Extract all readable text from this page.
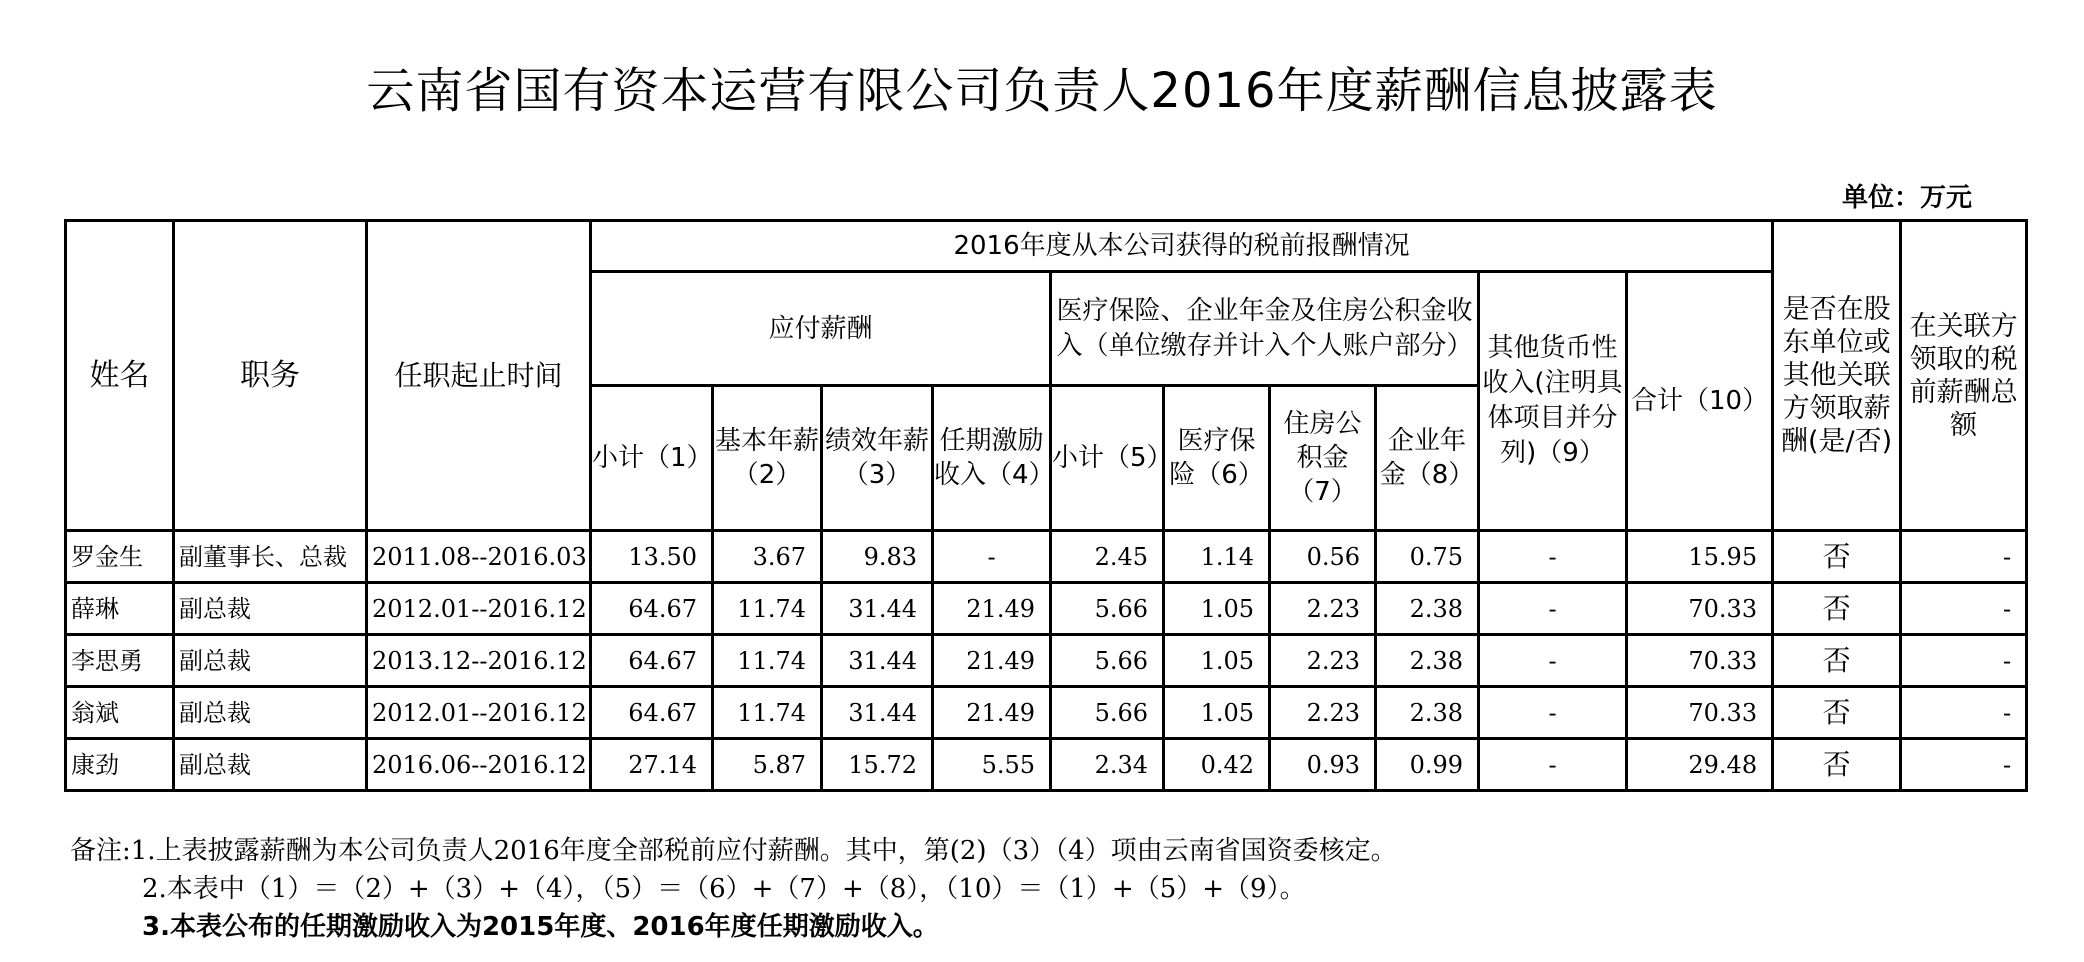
云南省国有资本运营有限公司负责人2016年度薪酬信息披露表
单位：万元
姓名	职务	任职起止时间	2016年度从本公司获得的税前报酬情况										是否在股东单位或其他关联方领取薪酬(是/否)	在关联方领取的税前薪酬总额
			应付薪酬				医疗保险、企业年金及住房公积金收入（单位缴存并计入个人账户部分）				其他货币性收入(注明具体项目并分列)（9）	合计（10）		
			小计（1）	基本年薪（2）	绩效年薪（3）	任期激励收入（4）	小计（5）	医疗保险（6）	住房公积金（7）	企业年金（8）				
罗金生	副董事长、总裁	2011.08--2016.03	13.50	3.67	9.83	-	2.45	1.14	0.56	0.75	-	15.95	否	-
薛琳	副总裁	2012.01--2016.12	64.67	11.74	31.44	21.49	5.66	1.05	2.23	2.38	-	70.33	否	-
李思勇	副总裁	2013.12--2016.12	64.67	11.74	31.44	21.49	5.66	1.05	2.23	2.38	-	70.33	否	-
翁斌	副总裁	2012.01--2016.12	64.67	11.74	31.44	21.49	5.66	1.05	2.23	2.38	-	70.33	否	-
康劲	副总裁	2016.06--2016.12	27.14	5.87	15.72	5.55	2.34	0.42	0.93	0.99	-	29.48	否	-
备注:1.上表披露薪酬为本公司负责人2016年度全部税前应付薪酬。其中，第(2)（3）（4）项由云南省国资委核定。
2.本表中（1）＝（2）+（3）+（4），（5）＝（6）+（7）+（8），（10）＝（1）+（5）+（9）。
3.本表公布的任期激励收入为2015年度、2016年度任期激励收入。
